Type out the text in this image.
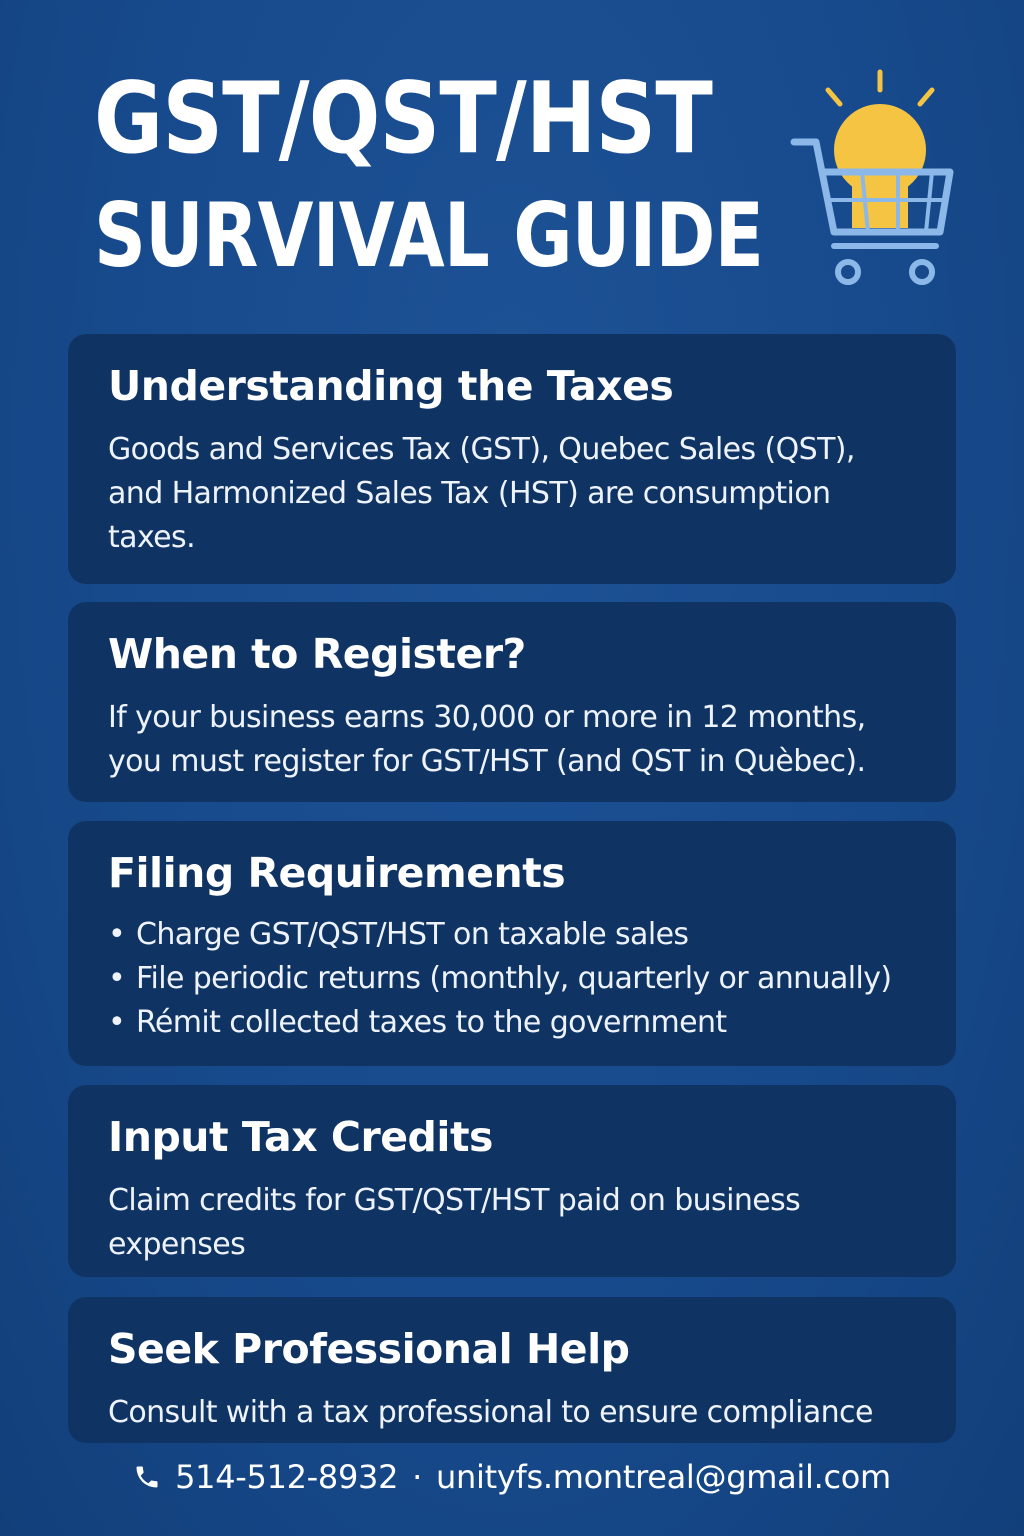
GST/QST/HST
SURVIVAL GUIDE
Understanding the Taxes

Goods and Services Tax (GST), Quebec Sales (QST), and Harmonized Sales Tax (HST) are consumption taxes.

When to Register?

If your business earns 30,000 or more in 12 months, you must register for GST/HST (and QST in Quèbec).

Filing Requirements
• Charge GST/QST/HST on taxable sales
• File periodic returns (monthly, quarterly or annually)
• Rémit collected taxes to the government
Input Tax Credits

Claim credits for GST/QST/HST paid on business expenses

Seek Professional Help

Consult with a tax professional to ensure compliance

514-512-8932 · unityfs.montreal@gmail.com
